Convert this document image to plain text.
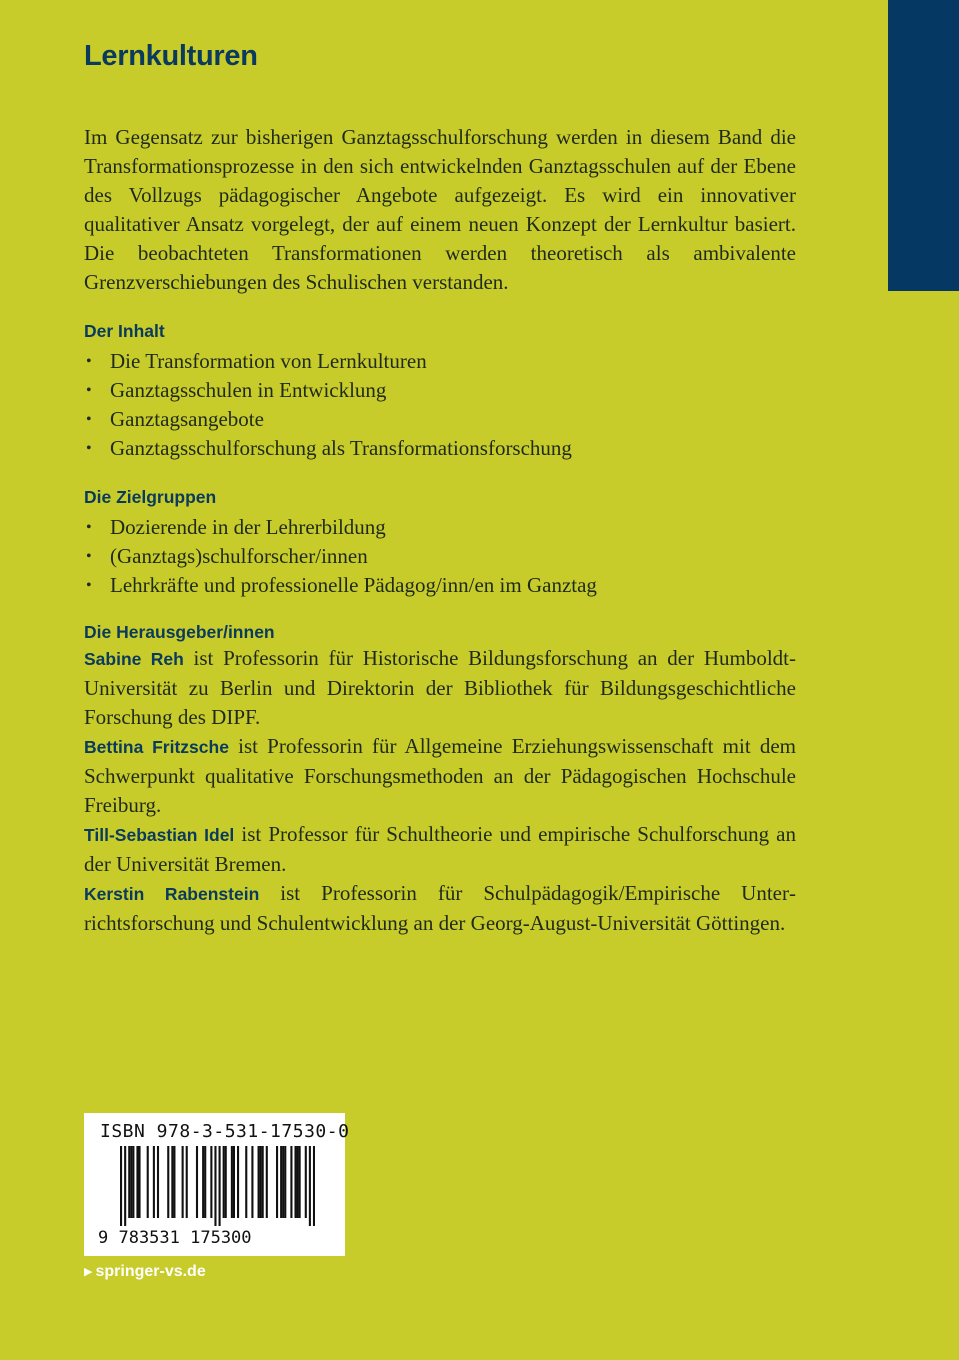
Lernkulturen

Im Gegensatz zur bisherigen Ganztagsschulforschung werden in diesem Band die Transformationsprozesse in den sich entwickelnden Ganztagsschulen auf der Ebene des Vollzugs pädagogischer Angebote aufgezeigt. Es wird ein innovativer qualitativer Ansatz vorgelegt, der auf einem neuen Konzept der Lernkultur basiert. Die beobachteten Transformationen werden theoretisch als ambivalente Grenzverschiebungen des Schulischen verstanden.

Der Inhalt
• Die Transformation von Lernkulturen
• Ganztagsschulen in Entwicklung
• Ganztagsangebote
• Ganztagsschulforschung als Transformationsforschung
Die Zielgruppen
• Dozierende in der Lehrerbildung
• (Ganztags)schulforscher/innen
• Lehrkräfte und professionelle Pädagog/inn/en im Ganztag
Die Herausgeber/innen

Sabine Reh ist Professorin für Historische Bildungsforschung an der Humboldt-Universität zu Berlin und Direktorin der Bibliothek für Bildungsgeschichtliche Forschung des DIPF.

Bettina Fritzsche ist Professorin für Allgemeine Erziehungswissenschaft mit dem Schwerpunkt qualitative Forschungsmethoden an der Pädagogischen Hochschule Freiburg.

Till-Sebastian Idel ist Professor für Schultheorie und empirische Schulforschung an der Universität Bremen.

Kerstin Rabenstein ist Professorin für Schulpädagogik/Empirische Unterrichtsforschung und Schulentwicklung an der Georg-August-Universität Göttingen.

ISBN 978-3-531-17530-0
9 783531 175300
▶ springer-vs.de
